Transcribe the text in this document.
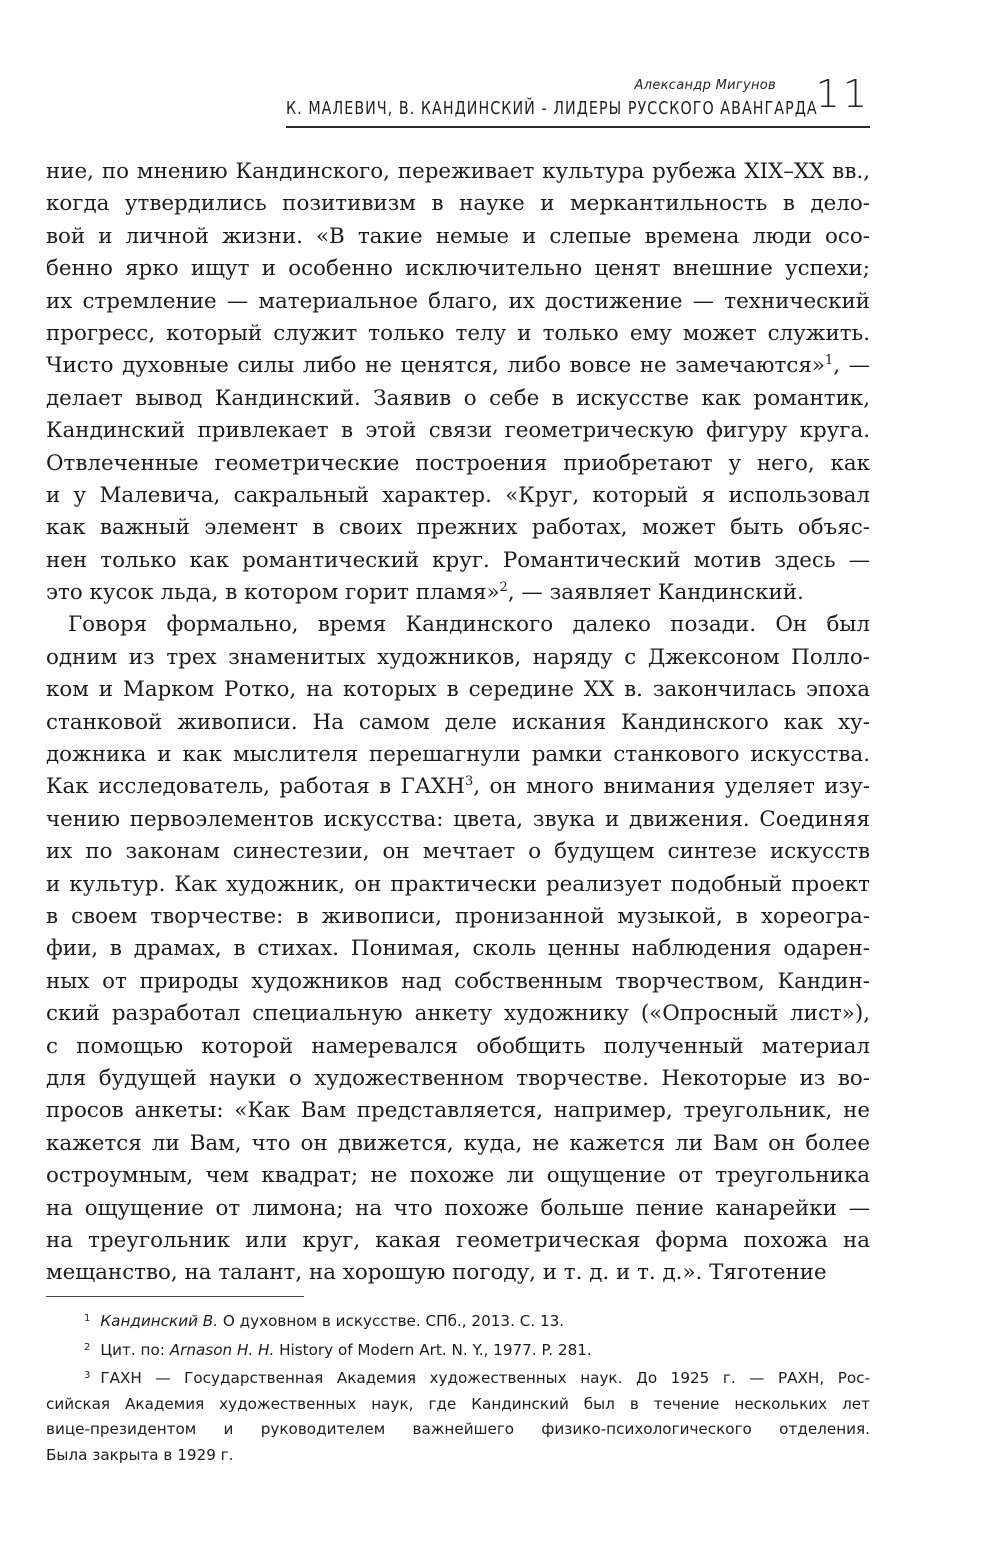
Александр Мигунов
К. МАЛЕВИЧ, В. КАНДИНСКИЙ - ЛИДЕРЫ РУССКОГО АВАНГАРДА
11
ние, по мнению Кандинского, переживает культура рубежа XIX–XX вв.,
когда утвердились позитивизм в науке и меркантильность в дело-
вой и личной жизни. «В такие немые и слепые времена люди осо-
бенно ярко ищут и особенно исключительно ценят внешние успехи;
их стремление — материальное благо, их достижение — технический
прогресс, который служит только телу и только ему может служить.
Чисто духовные силы либо не ценятся, либо вовсе не замечаются»$^1$, —
делает вывод Кандинский. Заявив о себе в искусстве как романтик,
Кандинский привлекает в этой связи геометрическую фигуру круга.
Отвлеченные геометрические построения приобретают у него, как
и у Малевича, сакральный характер. «Круг, который я использовал
как важный элемент в своих прежних работах, может быть объяс-
нен только как романтический круг. Романтический мотив здесь —
это кусок льда, в котором горит пламя»$^2$, — заявляет Кандинский.
Говоря формально, время Кандинского далеко позади. Он был
одним из трех знаменитых художников, наряду с Джексоном Полло-
ком и Марком Ротко, на которых в середине XX в. закончилась эпоха
станковой живописи. На самом деле искания Кандинского как ху-
дожника и как мыслителя перешагнули рамки станкового искусства.
Как исследователь, работая в ГАХН$^3$, он много внимания уделяет изу-
чению первоэлементов искусства: цвета, звука и движения. Соединяя
их по законам синестезии, он мечтает о будущем синтезе искусств
и культур. Как художник, он практически реализует подобный проект
в своем творчестве: в живописи, пронизанной музыкой, в хореогра-
фии, в драмах, в стихах. Понимая, сколь ценны наблюдения одарен-
ных от природы художников над собственным творчеством, Кандин-
ский разработал специальную анкету художнику («Опросный лист»),
с помощью которой намеревался обобщить полученный материал
для будущей науки о художественном творчестве. Некоторые из во-
просов анкеты: «Как Вам представляется, например, треугольник, не
кажется ли Вам, что он движется, куда, не кажется ли Вам он более
остроумным, чем квадрат; не похоже ли ощущение от треугольника
на ощущение от лимона; на что похоже больше пение канарейки —
на треугольник или круг, какая геометрическая форма похожа на
мещанство, на талант, на хорошую погоду, и т. д. и т. д.». Тяготение
$^1$ Кандинский В. О духовном в искусстве. СПб., 2013. С. 13.
$^2$ Цит. по: Arnason H. H. History of Modern Art. N. Y., 1977. P. 281.
$^3$ ГАХН — Государственная Академия художественных наук. До 1925 г. — РАХН, Рос-
сийская Академия художественных наук, где Кандинский был в течение нескольких лет
вице-президентом и руководителем важнейшего физико-психологического отделения.
Была закрыта в 1929 г.
